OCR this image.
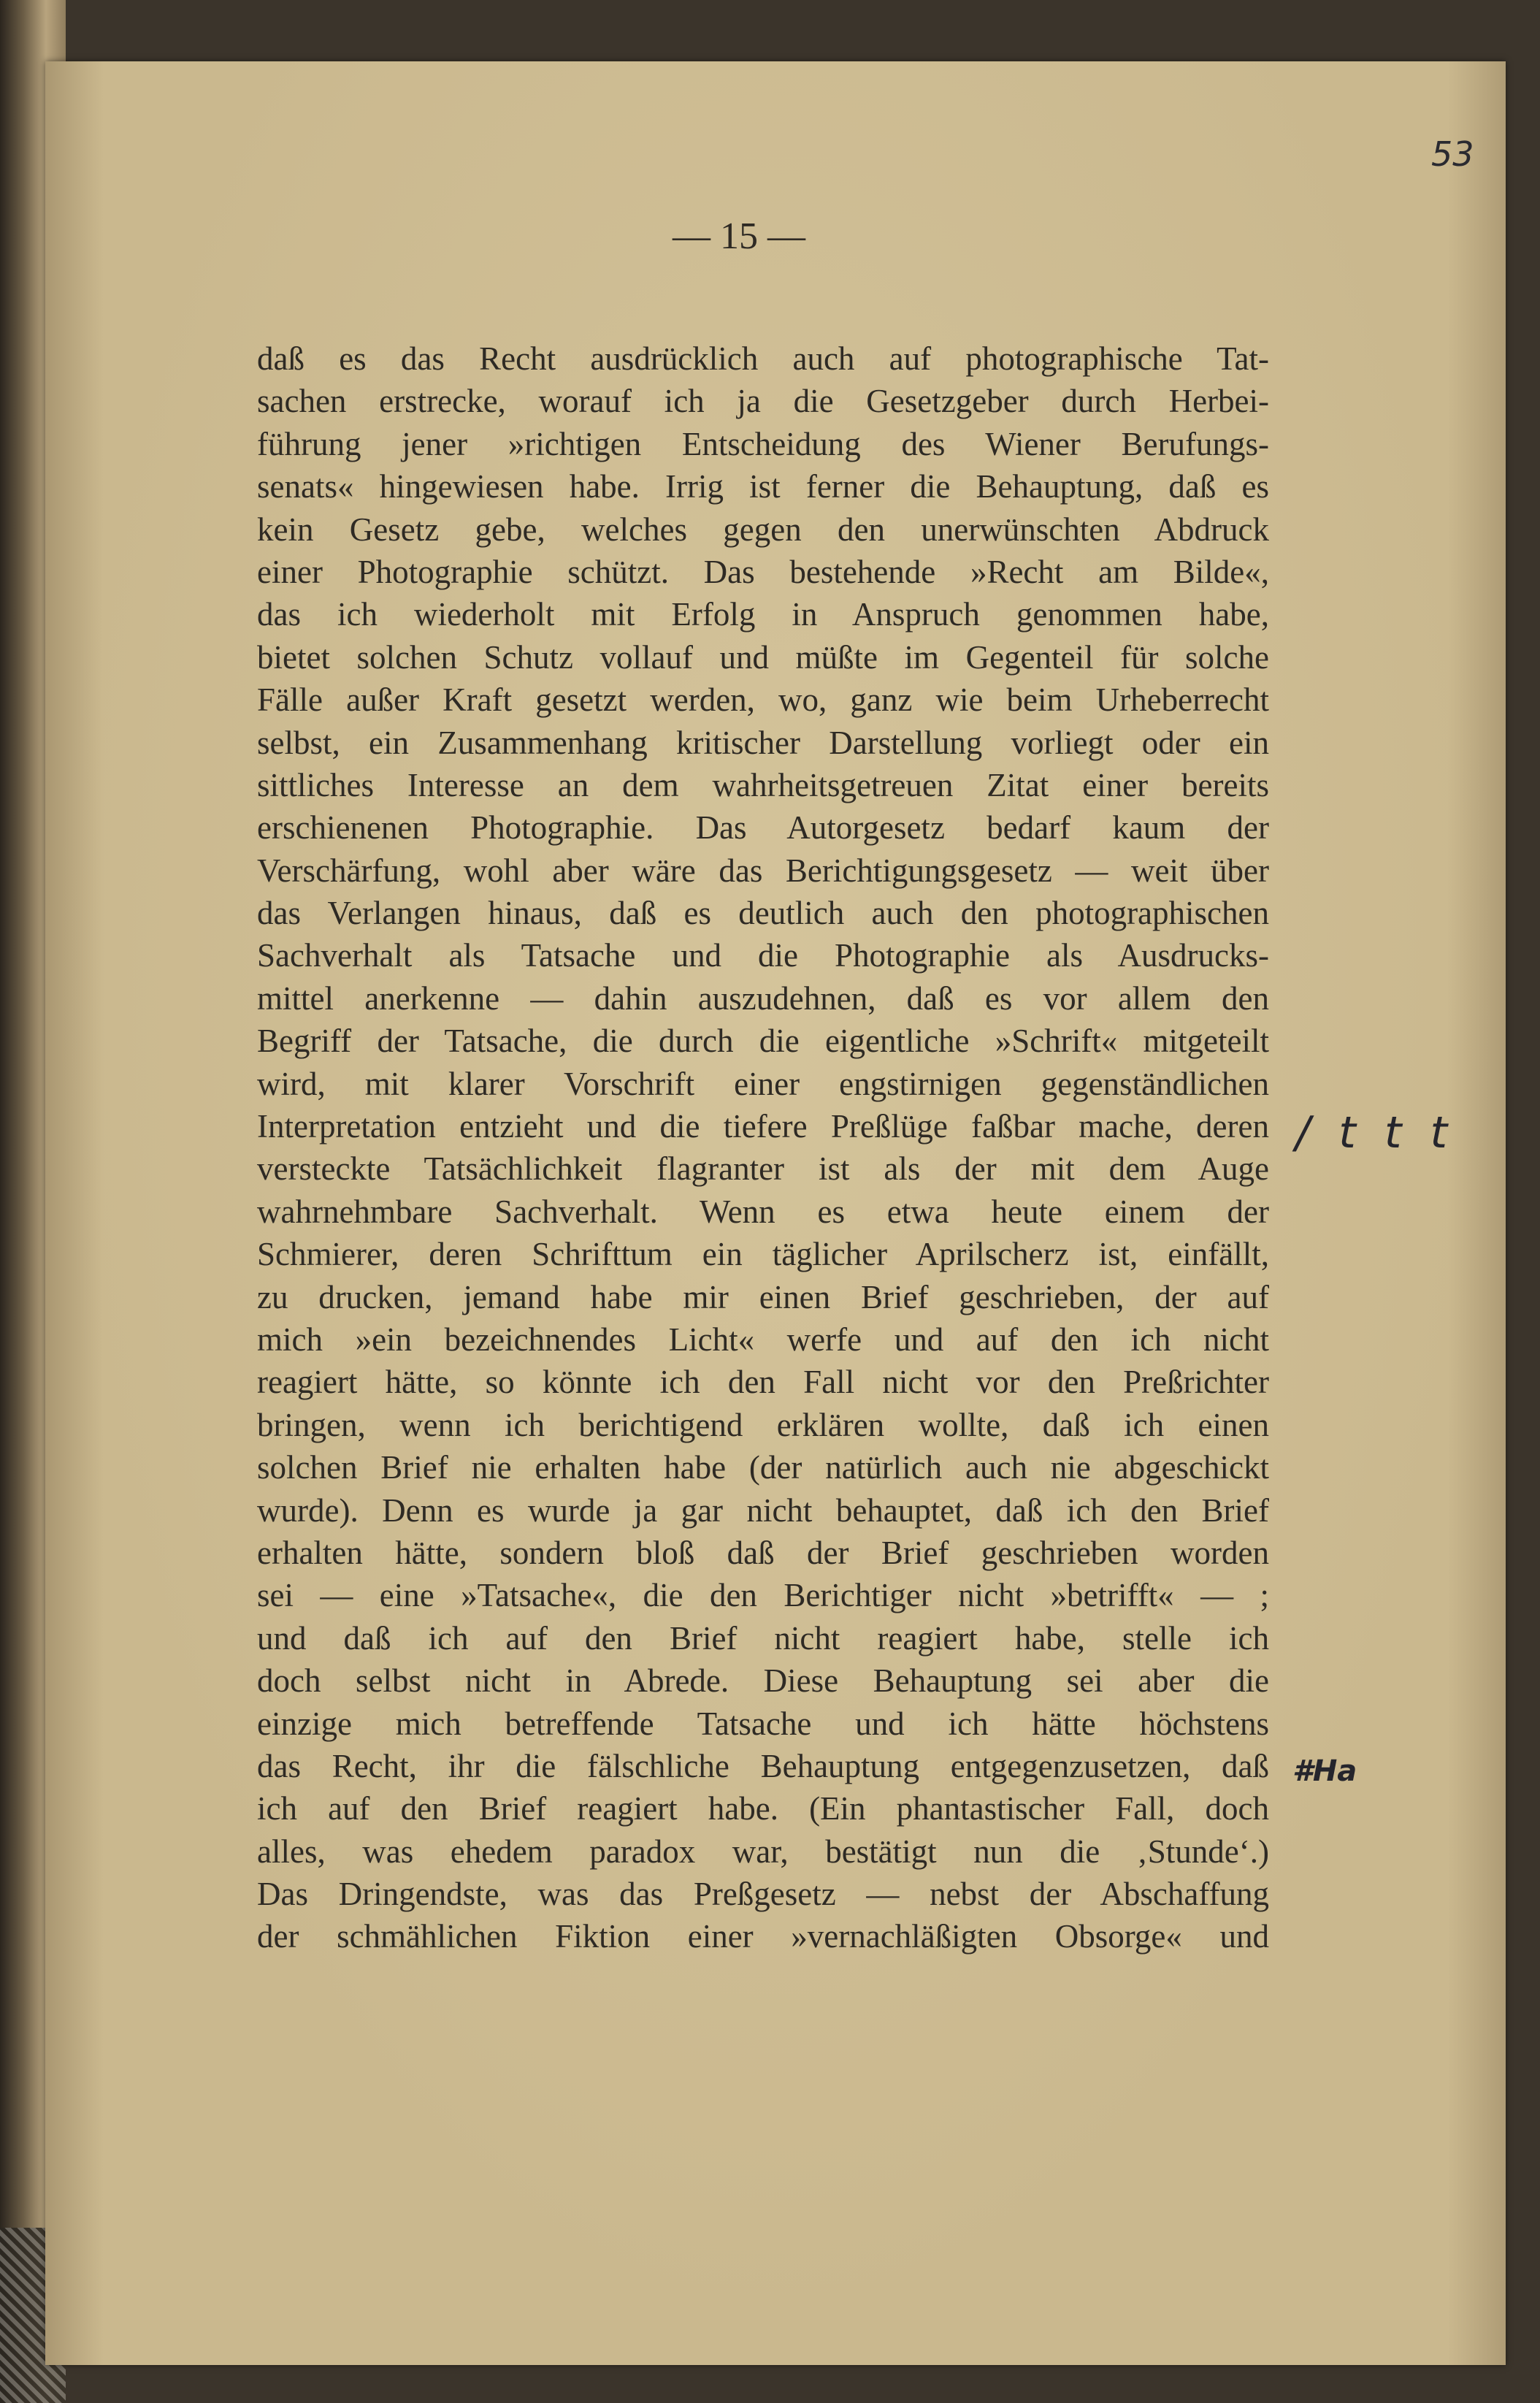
— 15 —
53
daß es das Recht ausdrücklich auch auf photographische Tat-
sachen erstrecke, worauf ich ja die Gesetzgeber durch Herbei-
führung jener »richtigen Entscheidung des Wiener Berufungs-
senats« hingewiesen habe. Irrig ist ferner die Behauptung, daß es
kein Gesetz gebe, welches gegen den unerwünschten Abdruck
einer Photographie schützt. Das bestehende »Recht am Bilde«,
das ich wiederholt mit Erfolg in Anspruch genommen habe,
bietet solchen Schutz vollauf und müßte im Gegenteil für solche
Fälle außer Kraft gesetzt werden, wo, ganz wie beim Urheberrecht
selbst, ein Zusammenhang kritischer Darstellung vorliegt oder ein
sittliches Interesse an dem wahrheitsgetreuen Zitat einer bereits
erschienenen Photographie. Das Autorgesetz bedarf kaum der
Verschärfung, wohl aber wäre das Berichtigungsgesetz — weit über
das Verlangen hinaus, daß es deutlich auch den photographischen
Sachverhalt als Tatsache und die Photographie als Ausdrucks-
mittel anerkenne — dahin auszudehnen, daß es vor allem den
Begriff der Tatsache, die durch die eigentliche »Schrift« mitgeteilt
wird, mit klarer Vorschrift einer engstirnigen gegenständlichen
Interpretation entzieht und die tiefere Preßlüge faßbar mache, deren
versteckte Tatsächlichkeit flagranter ist als der mit dem Auge
wahrnehmbare Sachverhalt. Wenn es etwa heute einem der
Schmierer, deren Schrifttum ein täglicher Aprilscherz ist, einfällt,
zu drucken, jemand habe mir einen Brief geschrieben, der auf
mich »ein bezeichnendes Licht« werfe und auf den ich nicht
reagiert hätte, so könnte ich den Fall nicht vor den Preßrichter
bringen, wenn ich berichtigend erklären wollte, daß ich einen
solchen Brief nie erhalten habe (der natürlich auch nie abgeschickt
wurde). Denn es wurde ja gar nicht behauptet, daß ich den Brief
erhalten hätte, sondern bloß daß der Brief geschrieben worden
sei — eine »Tatsache«, die den Berichtiger nicht »betrifft« — ;
und daß ich auf den Brief nicht reagiert habe, stelle ich
doch selbst nicht in Abrede. Diese Behauptung sei aber die
einzige mich betreffende Tatsache und ich hätte höchstens
das Recht, ihr die fälschliche Behauptung entgegenzusetzen, daß
ich auf den Brief reagiert habe. (Ein phantastischer Fall, doch
alles, was ehedem paradox war, bestätigt nun die ‚Stunde‘.)
Das Dringendste, was das Preßgesetz — nebst der Abschaffung
der schmählichen Fiktion einer »vernachläßigten Obsorge« und
/ t t t
#Ha
